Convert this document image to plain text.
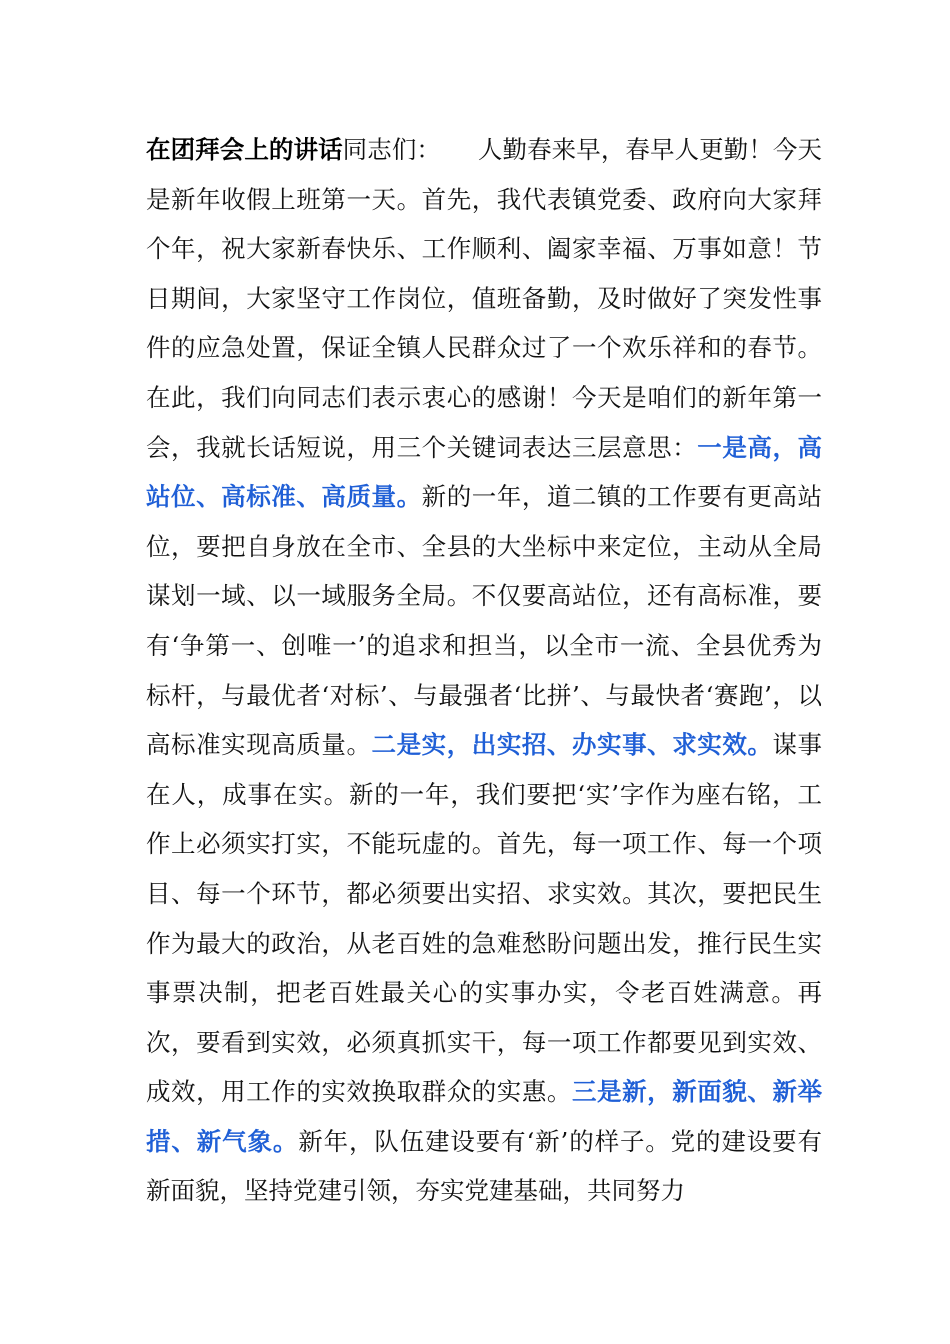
在团拜会上的讲话同志们：　　人勤春来早，春早人更勤！今天是新年收假上班第一天。首先，我代表镇党委、政府向大家拜个年，祝大家新春快乐、工作顺利、阖家幸福、万事如意！节日期间，大家坚守工作岗位，值班备勤，及时做好了突发性事件的应急处置，保证全镇人民群众过了一个欢乐祥和的春节。在此，我们向同志们表示衷心的感谢！今天是咱们的新年第一会，我就长话短说，用三个关键词表达三层意思：一是高，高站位、高标准、高质量。新的一年，道二镇的工作要有更高站位，要把自身放在全市、全县的大坐标中来定位，主动从全局谋划一域、以一域服务全局。不仅要高站位，还有高标准，要有‘争第一、创唯一’的追求和担当，以全市一流、全县优秀为标杆，与最优者‘对标’、与最强者‘比拼’、与最快者‘赛跑’，以高标准实现高质量。二是实，出实招、办实事、求实效。谋事在人，成事在实。新的一年，我们要把‘实’字作为座右铭，工作上必须实打实，不能玩虚的。首先，每一项工作、每一个项目、每一个环节，都必须要出实招、求实效。其次，要把民生作为最大的政治，从老百姓的急难愁盼问题出发，推行民生实事票决制，把老百姓最关心的实事办实，令老百姓满意。再次，要看到实效，必须真抓实干，每一项工作都要见到实效、成效，用工作的实效换取群众的实惠。三是新，新面貌、新举措、新气象。新年，队伍建设要有‘新’的样子。党的建设要有新面貌，坚持党建引领，夯实党建基础，共同努力
